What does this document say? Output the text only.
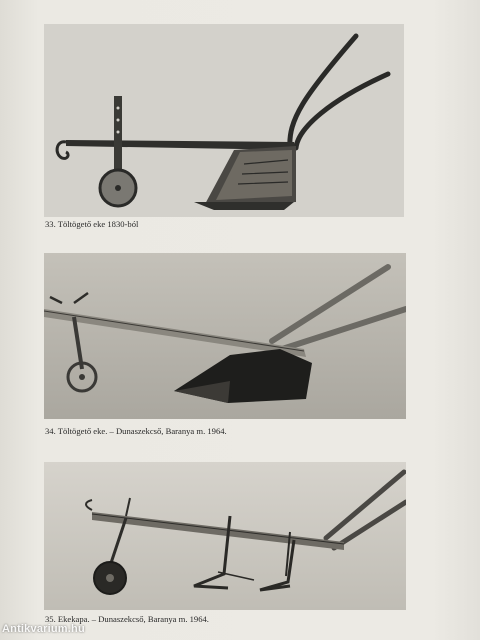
33. Töltögető eke 1830-ból
34. Töltögető eke. – Dunaszekcső, Baranya m. 1964.
35. Ekekapa. – Dunaszekcső, Baranya m. 1964.
Antikvarium.hu
